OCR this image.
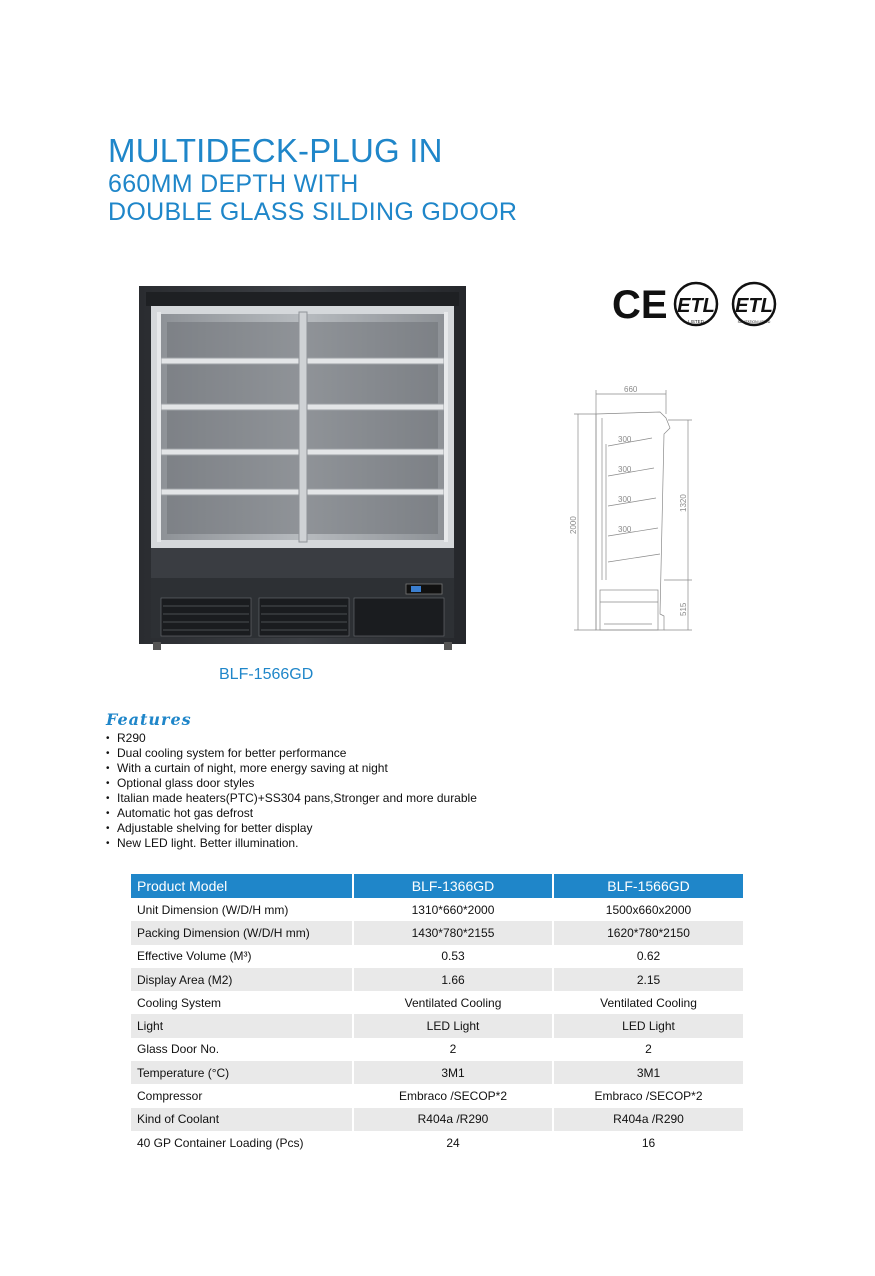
MULTIDECK-PLUG IN
660MM DEPTH WITH
DOUBLE GLASS SILDING GDOOR
BLF-1566GD
CE ETL
LISTED
ETL
SANITATION LISTED
660
300
300
300
300
2000
1320
515
Features
• R290
• Dual cooling system for better performance
• With a curtain of night, more energy saving at night
• Optional glass door styles
• Italian made heaters(PTC)+SS304 pans,Stronger and more durable
• Automatic hot gas defrost
• Adjustable shelving for better display
• New LED light. Better illumination.
Product Model	BLF-1366GD	BLF-1566GD
Unit Dimension (W/D/H mm)	1310*660*2000	1500x660x2000
Packing Dimension (W/D/H mm)	1430*780*2155	1620*780*2150
Effective Volume (M³)	0.53	0.62
Display Area (M2)	1.66	2.15
Cooling System	Ventilated Cooling	Ventilated Cooling
Light	LED Light	LED Light
Glass Door No.	2	2
Temperature (°C)	3M1	3M1
Compressor	Embraco /SECOP*2	Embraco /SECOP*2
Kind of Coolant	R404a /R290	R404a /R290
40 GP Container Loading (Pcs)	24	16
